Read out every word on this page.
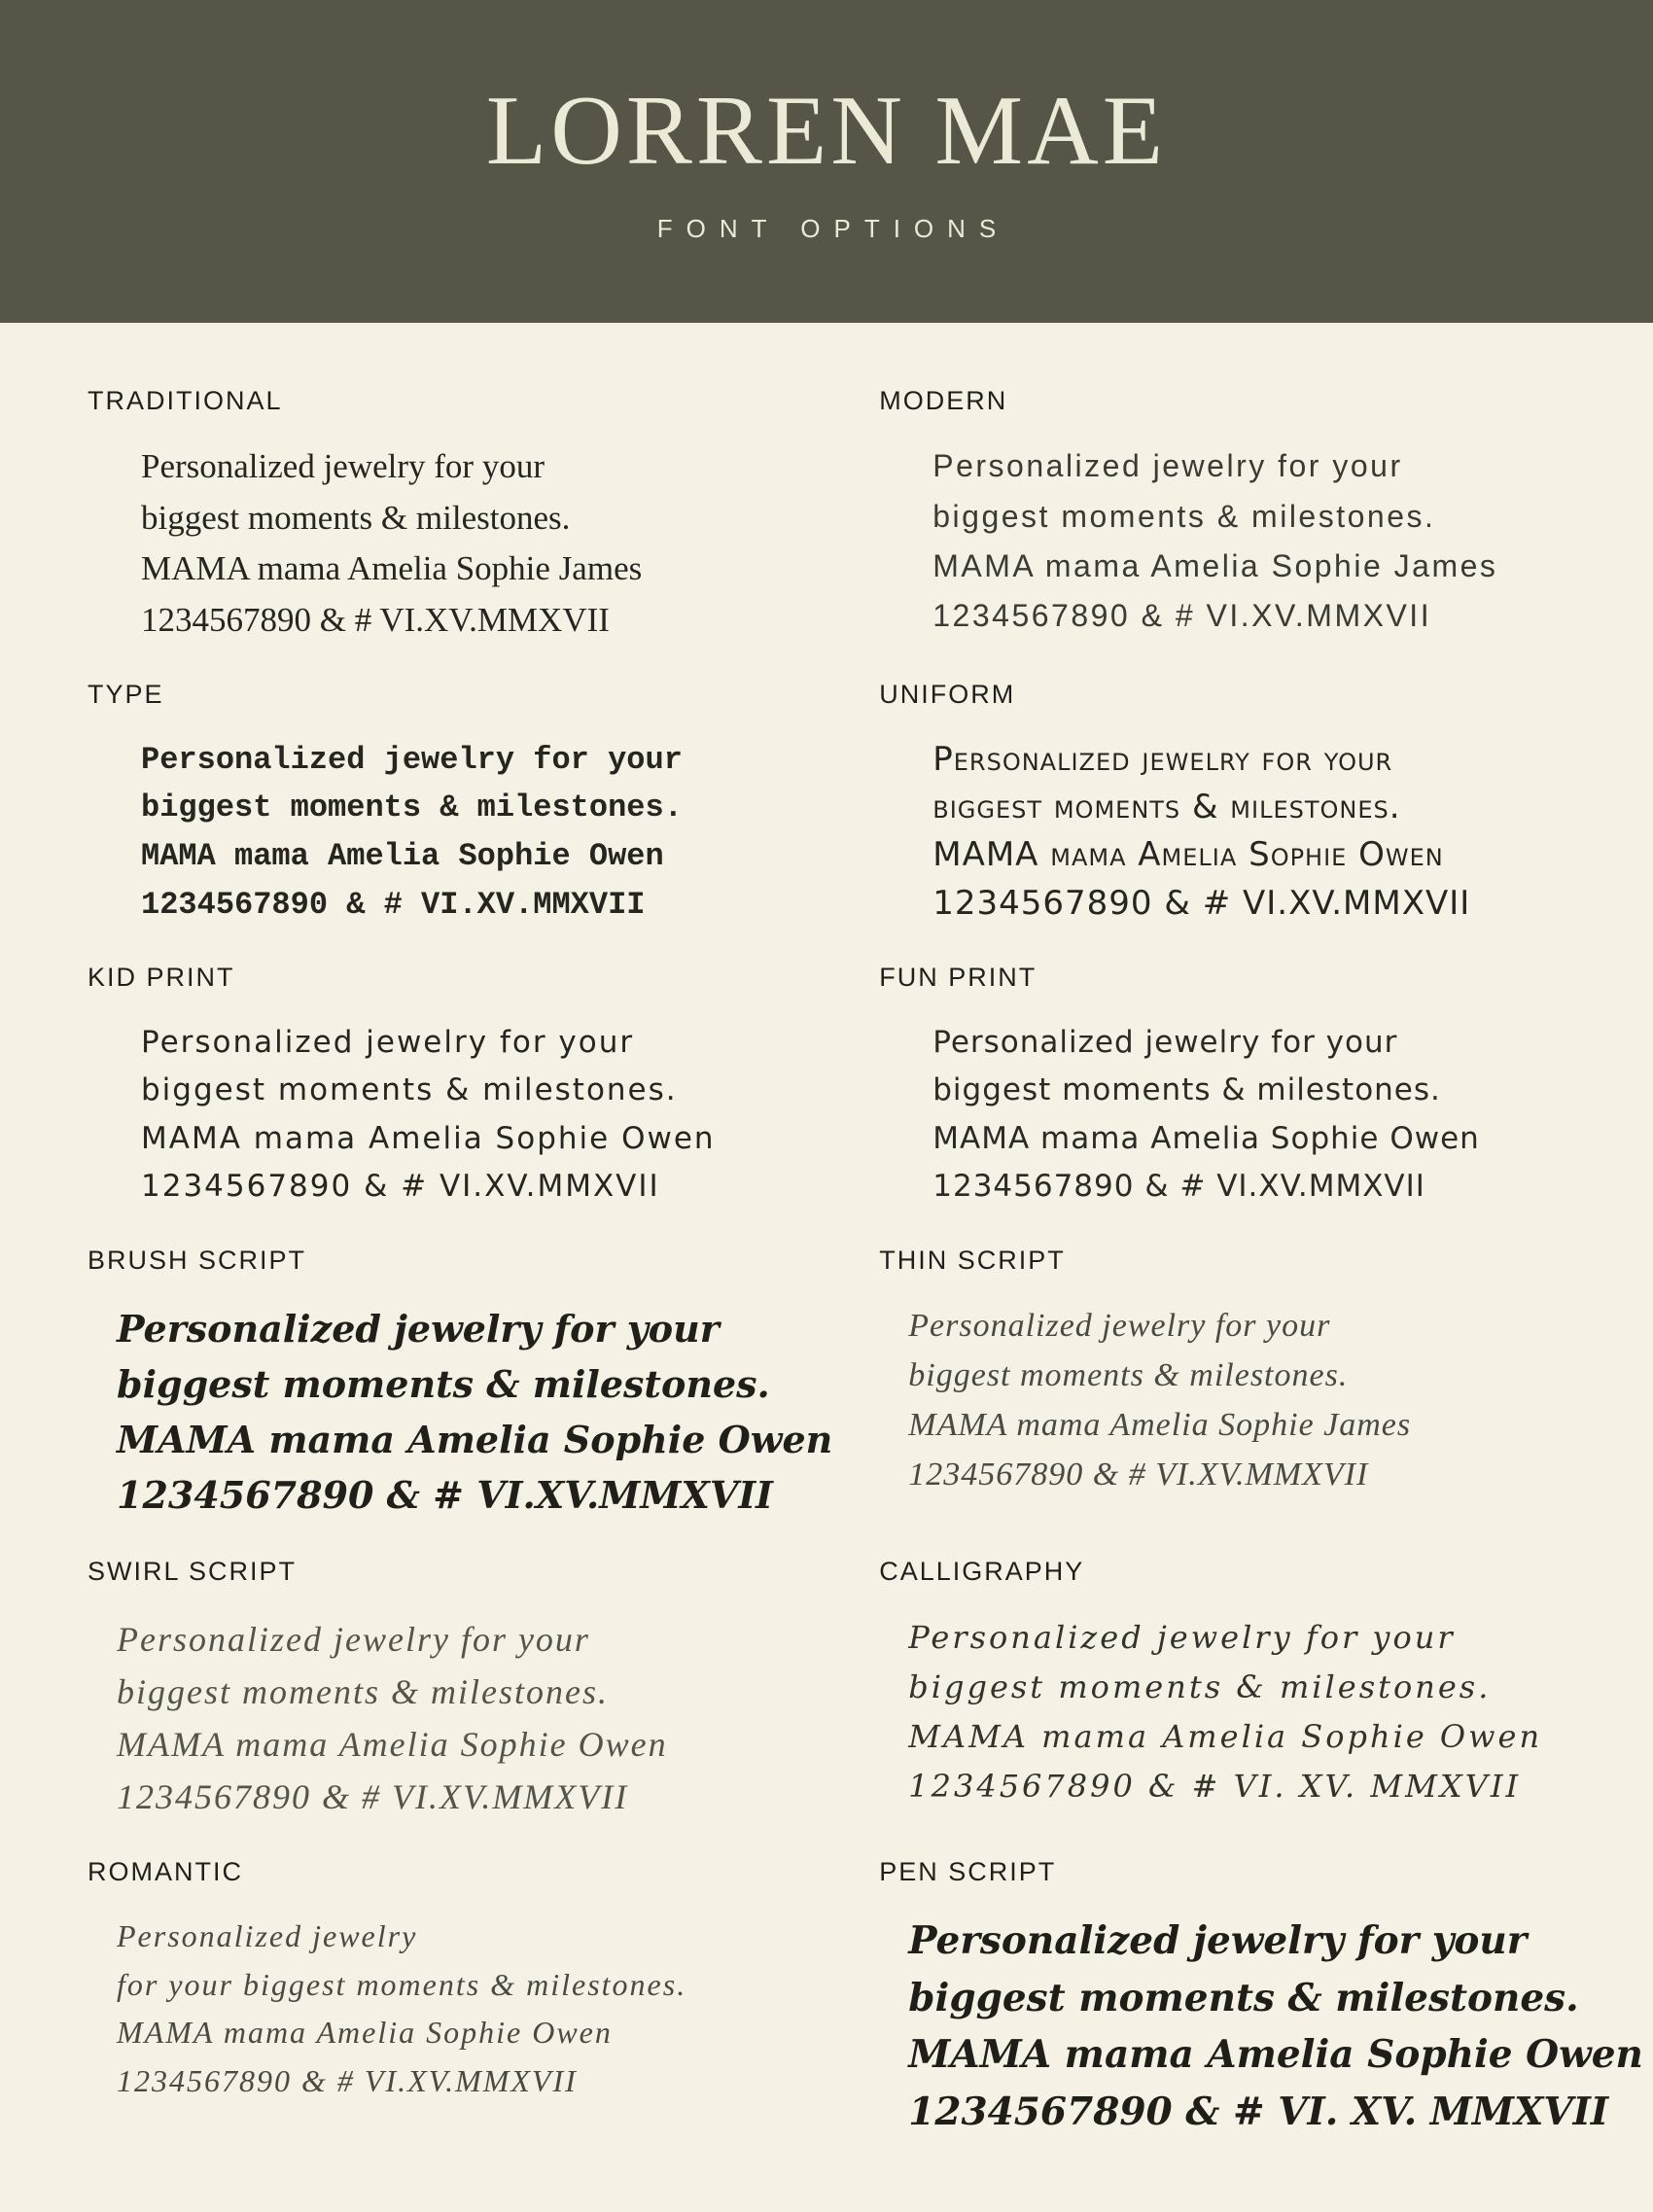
LORREN MAE

FONT OPTIONS

TRADITIONAL

Personalized jewelry for your
biggest moments & milestones.
MAMA mama Amelia Sophie James
1234567890 & # VI.XV.MMXVII

MODERN

Personalized jewelry for your
biggest moments & milestones.
MAMA mama Amelia Sophie James
1234567890 & # VI.XV.MMXVII

TYPE

Personalized jewelry for your
biggest moments & milestones.
MAMA mama Amelia Sophie Owen
1234567890 & # VI.XV.MMXVII

UNIFORM

Personalized jewelry for your
biggest moments & milestones.
MAMA mama Amelia Sophie Owen
1234567890 & # VI.XV.MMXVII

KID PRINT

Personalized jewelry for your
biggest moments & milestones.
MAMA mama Amelia Sophie Owen
1234567890 & # VI.XV.MMXVII

FUN PRINT

Personalized jewelry for your
biggest moments & milestones.
MAMA mama Amelia Sophie Owen
1234567890 & # VI.XV.MMXVII

BRUSH SCRIPT

Personalized jewelry for your
biggest moments & milestones.
MAMA mama Amelia Sophie Owen
1234567890 & # VI.XV.MMXVII

THIN SCRIPT

Personalized jewelry for your
biggest moments & milestones.
MAMA mama Amelia Sophie James
1234567890 & # VI.XV.MMXVII

SWIRL SCRIPT

Personalized jewelry for your
biggest moments & milestones.
MAMA mama Amelia Sophie Owen
1234567890 & # VI.XV.MMXVII

CALLIGRAPHY

Personalized jewelry for your
biggest moments & milestones.
MAMA mama Amelia Sophie Owen
1234567890 & # VI. XV. MMXVII

ROMANTIC

Personalized jewelry
for your biggest moments & milestones.
MAMA mama Amelia Sophie Owen
1234567890 & # VI.XV.MMXVII

PEN SCRIPT

Personalized jewelry for your
biggest moments & milestones.
MAMA mama Amelia Sophie Owen
1234567890 & # VI. XV. MMXVII
